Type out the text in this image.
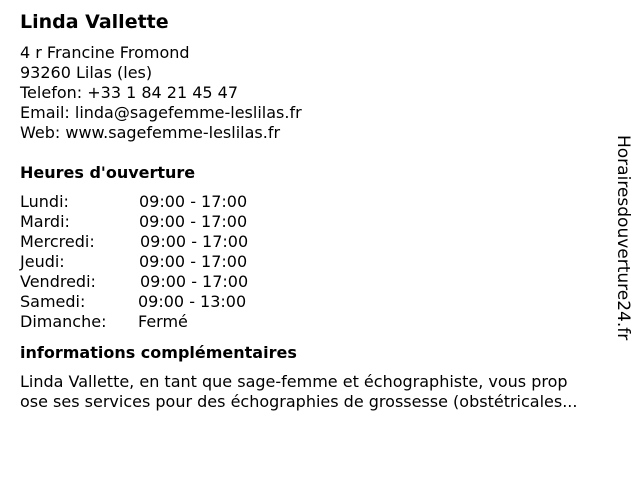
Linda Vallette
4 r Francine Fromond
93260 Lilas (les)
Telefon: +33 1 84 21 45 47
Email: linda@sagefemme-leslilas.fr
Web: www.sagefemme-leslilas.fr
Heures d'ouverture
Lundi:	09:00 - 17:00
Mardi:	09:00 - 17:00
Mercredi:	09:00 - 17:00
Jeudi:	09:00 - 17:00
Vendredi:	09:00 - 17:00
Samedi:	09:00 - 13:00
Dimanche: Fermé
informations complémentaires
Linda Vallette, en tant que sage-femme et échographiste, vous prop
ose ses services pour des échographies de grossesse (obstétricales...
Horairesdouverture24.fr
